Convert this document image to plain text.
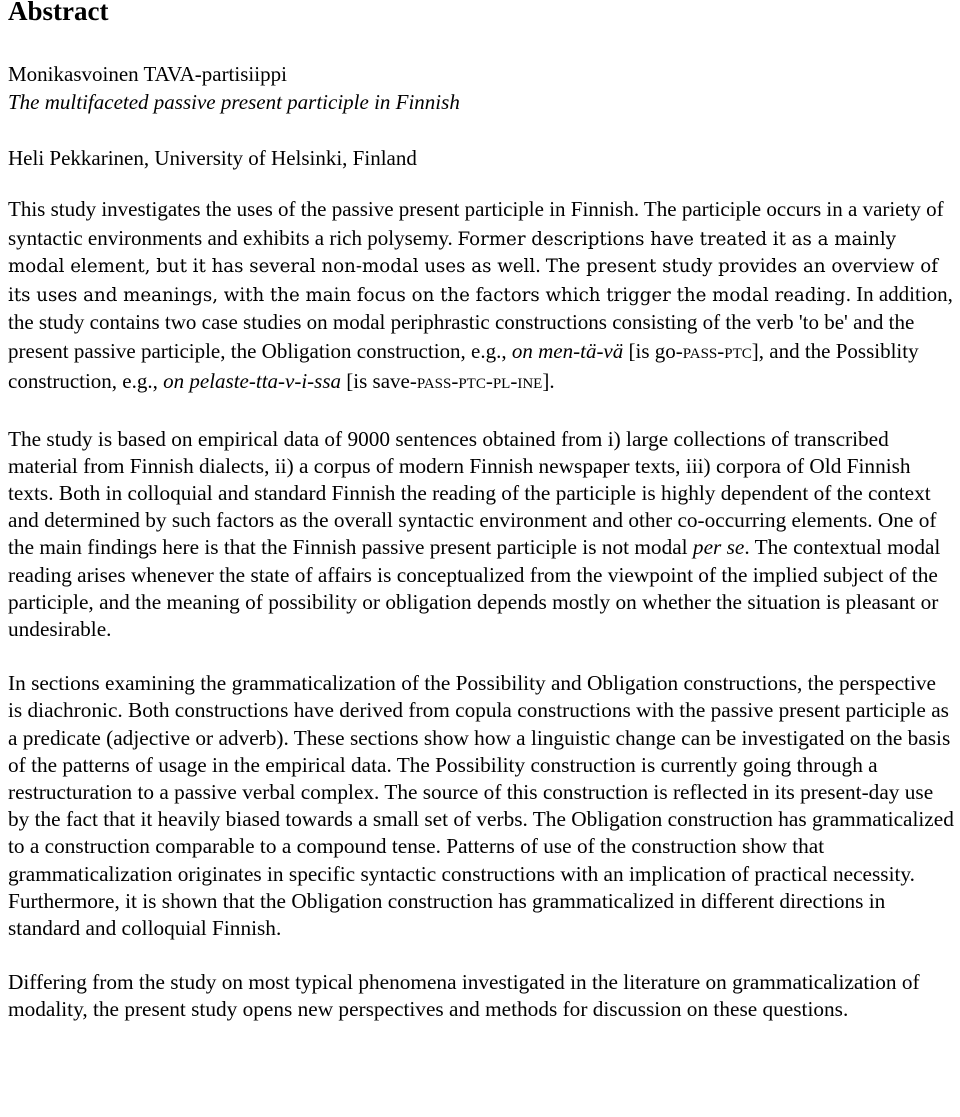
Abstract
Monikasvoinen TAVA-partisiippi
The multifaceted passive present participle in Finnish
Heli Pekkarinen, University of Helsinki, Finland

This study investigates the uses of the passive present participle in Finnish. The participle occurs in a variety of syntactic environments and exhibits a rich polysemy. Former descriptions have treated it as a mainly modal element, but it has several non-modal uses as well. The present study provides an overview of its uses and meanings, with the main focus on the factors which trigger the modal reading. In addition, the study contains two case studies on modal periphrastic constructions consisting of the verb 'to be' and the present passive participle, the Obligation construction, e.g., on men-tä-vä [is go-PASS-PTC], and the Possiblity construction, e.g., on pelaste-tta-v-i-ssa [is save-PASS-PTC-PL-INE].

The study is based on empirical data of 9000 sentences obtained from i) large collections of transcribed material from Finnish dialects, ii) a corpus of modern Finnish newspaper texts, iii) corpora of Old Finnish texts. Both in colloquial and standard Finnish the reading of the participle is highly dependent of the context and determined by such factors as the overall syntactic environment and other co-occurring elements. One of the main findings here is that the Finnish passive present participle is not modal per se. The contextual modal reading arises whenever the state of affairs is conceptualized from the viewpoint of the implied subject of the participle, and the meaning of possibility or obligation depends mostly on whether the situation is pleasant or undesirable.

In sections examining the grammaticalization of the Possibility and Obligation constructions, the perspective is diachronic. Both constructions have derived from copula constructions with the passive present participle as a predicate (adjective or adverb). These sections show how a linguistic change can be investigated on the basis of the patterns of usage in the empirical data. The Possibility construction is currently going through a restructuration to a passive verbal complex. The source of this construction is reflected in its present-day use by the fact that it heavily biased towards a small set of verbs. The Obligation construction has grammaticalized to a construction comparable to a compound tense. Patterns of use of the construction show that grammaticalization originates in specific syntactic constructions with an implication of practical necessity. Furthermore, it is shown that the Obligation construction has grammaticalized in different directions in standard and colloquial Finnish.

Differing from the study on most typical phenomena investigated in the literature on grammaticalization of modality, the present study opens new perspectives and methods for discussion on these questions.
